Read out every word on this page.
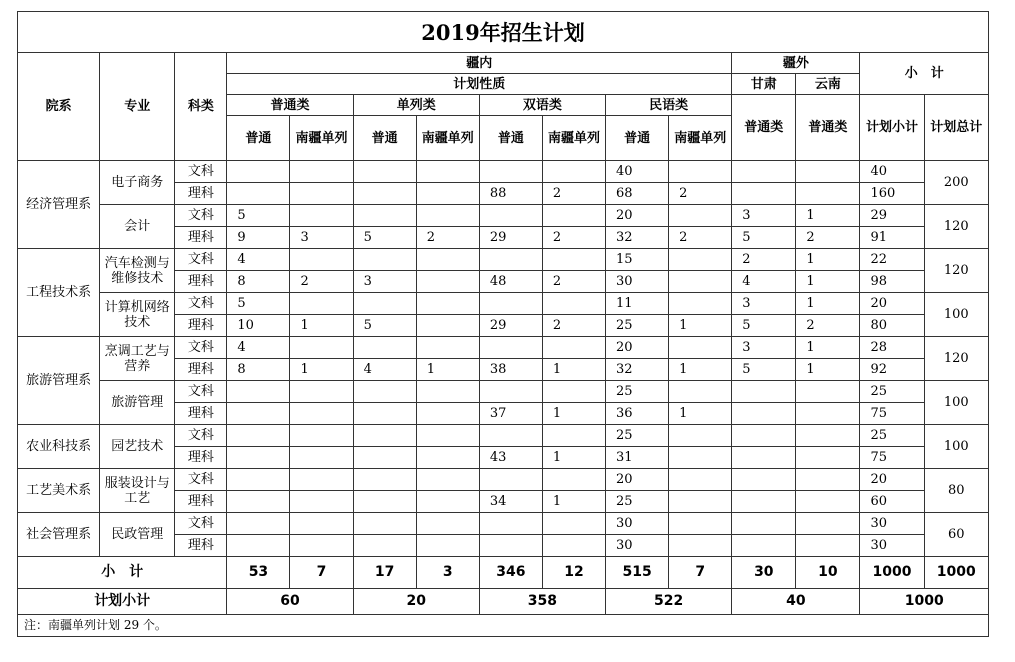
2019年招生计划														
院系	专业	科类	疆内								疆外		小　计	
			计划性质								甘肃	云南		
			普通类		单列类		双语类		民语类		普通类	普通类	计划小计	计划总计
			普通	南疆单列	普通	南疆单列	普通	南疆单列	普通	南疆单列				
经济管理系	电子商务	文科							40				40	200
		理科					88	2	68	2			160	
	会计	文科	5						20		3	1	29	120
		理科	9	3	5	2	29	2	32	2	5	2	91	
工程技术系	汽车检测与维修技术	文科	4						15		2	1	22	120
		理科	8	2	3		48	2	30		4	1	98	
	计算机网络技术	文科	5						11		3	1	20	100
		理科	10	1	5		29	2	25	1	5	2	80	
旅游管理系	烹调工艺与营养	文科	4						20		3	1	28	120
		理科	8	1	4	1	38	1	32	1	5	1	92	
	旅游管理	文科							25				25	100
		理科					37	1	36	1			75	
农业科技系	园艺技术	文科							25				25	100
		理科					43	1	31				75	
工艺美术系	服装设计与工艺	文科							20				20	80
		理科					34	1	25				60	
社会管理系	民政管理	文科							30				30	60
		理科							30				30	
小　计			53	7	17	3	346	12	515	7	30	10	1000	1000
计划小计			60		20		358		522		40		1000	
注：南疆单列计划 29 个。														
